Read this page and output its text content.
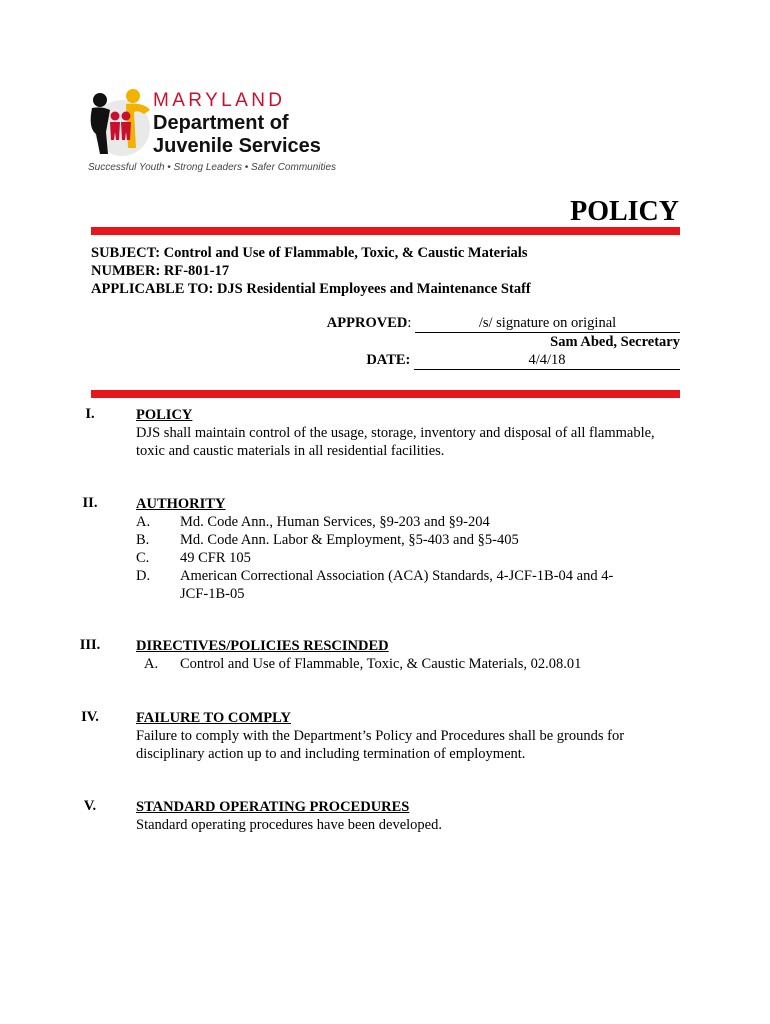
MARYLAND
Department of
Juvenile Services
Successful Youth • Strong Leaders • Safer Communities
POLICY
SUBJECT: Control and Use of Flammable, Toxic, & Caustic Materials
NUMBER: RF-801-17
APPLICABLE TO: DJS Residential Employees and Maintenance Staff
APPROVED:	/s/ signature on original
Sam Abed, Secretary
DATE:	4/4/18
I.	POLICY
DJS shall maintain control of the usage, storage, inventory and disposal of all flammable, toxic and caustic materials in all residential facilities.
II.	AUTHORITY
A.	Md. Code Ann., Human Services, §9-203 and §9-204
B.	Md. Code Ann. Labor & Employment, §5-403 and §5-405
C.	49 CFR 105
D.	American Correctional Association (ACA) Standards, 4-JCF-1B-04 and 4-JCF-1B-05
III.	DIRECTIVES/POLICIES RESCINDED
A.	Control and Use of Flammable, Toxic, & Caustic Materials, 02.08.01
IV.	FAILURE TO COMPLY
Failure to comply with the Department’s Policy and Procedures shall be grounds for disciplinary action up to and including termination of employment.
V.	STANDARD OPERATING PROCEDURES
Standard operating procedures have been developed.
